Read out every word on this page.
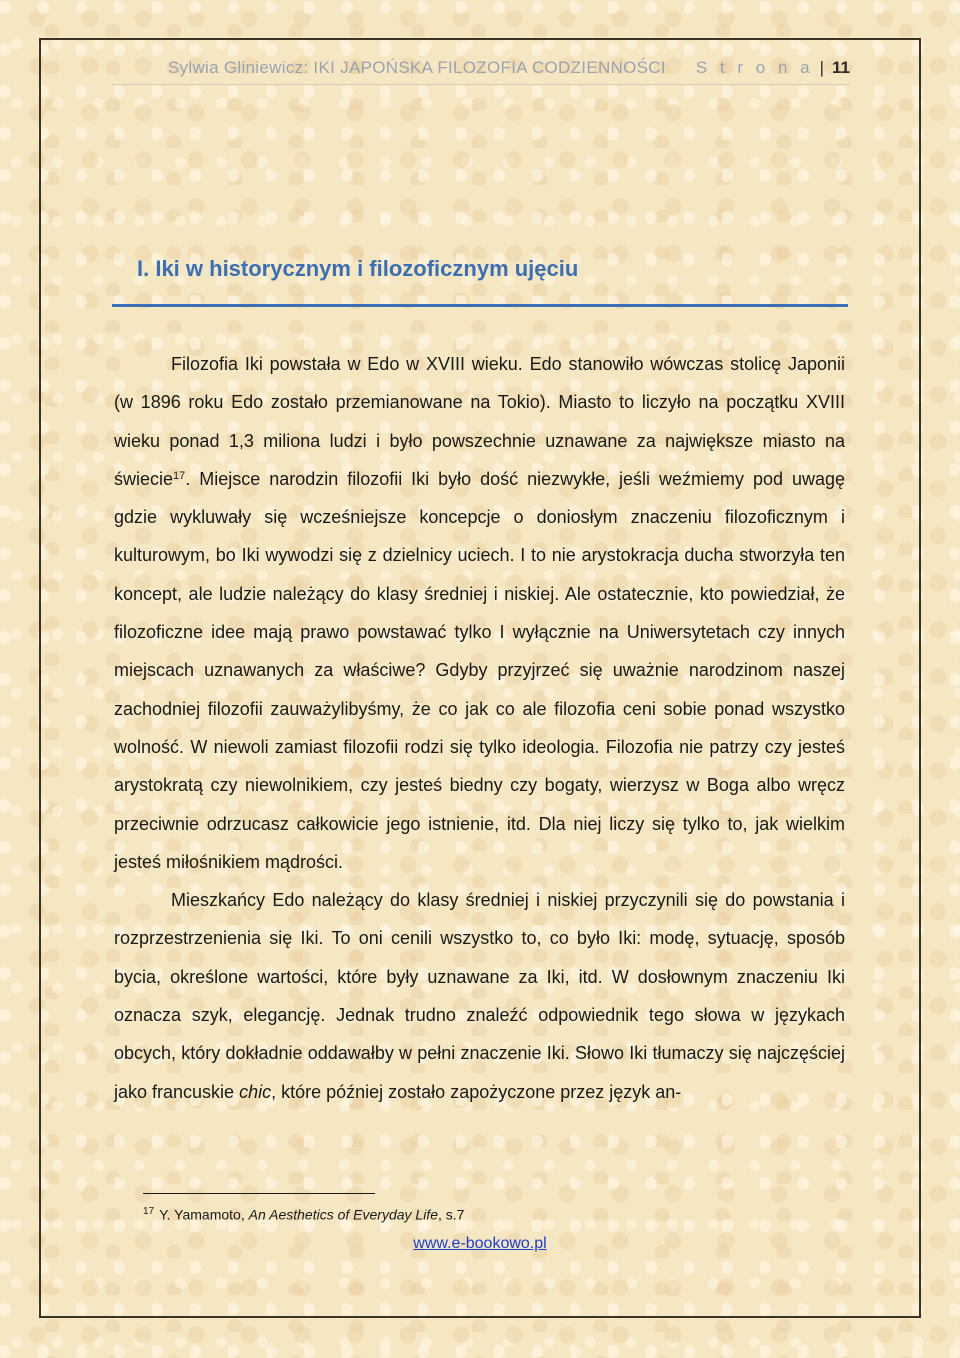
Sylwia Gliniewicz: IKI JAPOŃSKA FILOZOFIA CODZIENNOŚCI S t r o n a | 11
I. Iki w historycznym i filozoficznym ujęciu

Filozofia Iki powstała w Edo w XVIII wieku. Edo stanowiło wówczas stolicę Japonii (w 1896 roku Edo zostało przemianowane na Tokio). Miasto to liczyło na początku XVIII wieku ponad 1,3 miliona ludzi i było powszechnie uznawane za największe miasto na świecie$^{17}$. Miejsce narodzin filozofii Iki było dość niezwykłe, jeśli weźmiemy pod uwagę gdzie wykluwały się wcześniejsze koncepcje o doniosłym znaczeniu filozoficznym i kulturowym, bo Iki wywodzi się z dzielnicy uciech. I to nie arystokracja ducha stworzyła ten koncept, ale ludzie należący do klasy średniej i niskiej. Ale ostatecznie, kto powiedział, że filozoficzne idee mają prawo powstawać tylko I wyłącznie na Uniwersytetach czy innych miejscach uznawanych za właściwe? Gdyby przyjrzeć się uważnie narodzinom naszej zachodniej filozofii zauważylibyśmy, że co jak co ale filozofia ceni sobie ponad wszystko wolność. W niewoli zamiast filozofii rodzi się tylko ideologia. Filozofia nie patrzy czy jesteś arystokratą czy niewolnikiem, czy jesteś biedny czy bogaty, wierzysz w Boga albo wręcz przeciwnie odrzucasz całkowicie jego istnienie, itd. Dla niej liczy się tylko to, jak wielkim jesteś miłośnikiem mądrości.

Mieszkańcy Edo należący do klasy średniej i niskiej przyczynili się do powstania i rozprzestrzenienia się Iki. To oni cenili wszystko to, co było Iki: modę, sytuację, sposób bycia, określone wartości, które były uznawane za Iki, itd. W dosłownym znaczeniu Iki oznacza szyk, elegancję. Jednak trudno znaleźć odpowiednik tego słowa w językach obcych, który dokładnie oddawałby w pełni znaczenie Iki. Słowo Iki tłumaczy się najczęściej jako francuskie chic, które później zostało zapożyczone przez język an-

$^{17}$ Y. Yamamoto, An Aesthetics of Everyday Life, s.7
www.e-bookowo.pl
